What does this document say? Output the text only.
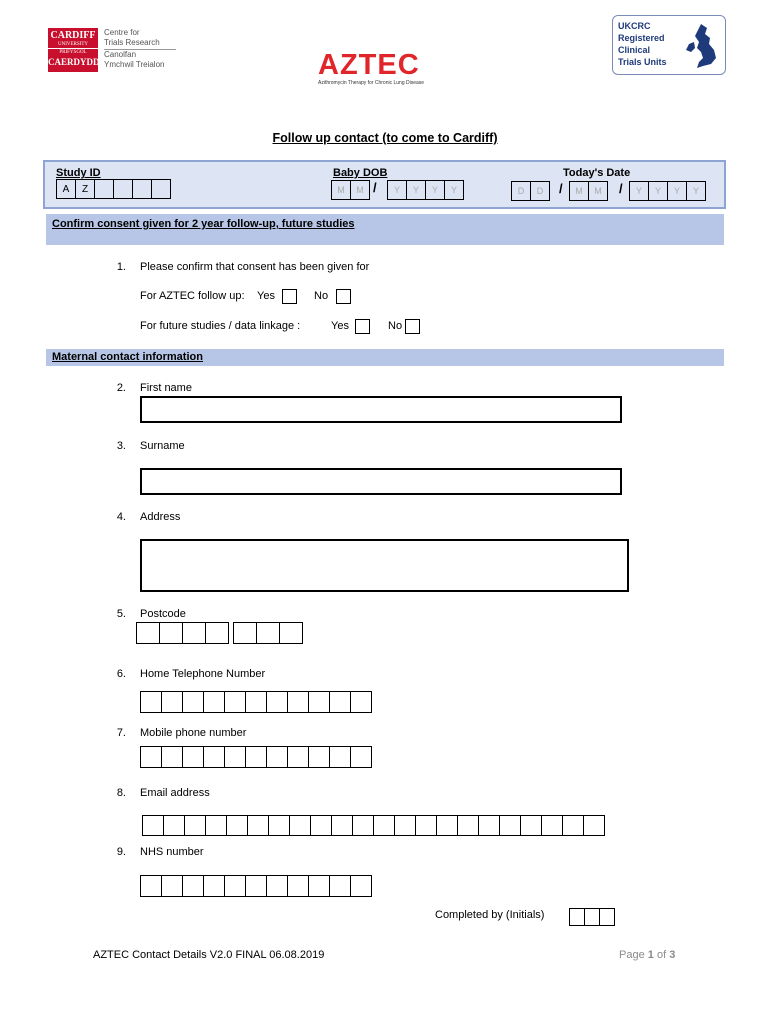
CARDIFF
UNIVERSITY
PRIFYSGOL
CAERDYDD
Centre for
Trials Research
Canolfan
Ymchwil Treialon	AZTEC
Azithromycin Therapy for Chronic Lung Disease
UKCRC
Registered
Clinical
Trials Units
Follow up contact (to come to Cardiff)
Study ID
A	Z
Baby DOB
M	M /	Y	Y	Y	Y
Today's Date
D	D	/	M	M	/	Y	Y	Y	Y
Confirm consent given for 2 year follow-up, future studies
1. Please confirm that consent has been given for
For AZTEC follow up: Yes	No
For future studies / data linkage :	Yes	No
Maternal contact information
2. First name
3. Surname
4. Address
5. Postcode
6. Home Telephone Number
7. Mobile phone number
8. Email address
9. NHS number
Completed by (Initials)
AZTEC Contact Details V2.0 FINAL 06.08.2019	Page 1 of 3
